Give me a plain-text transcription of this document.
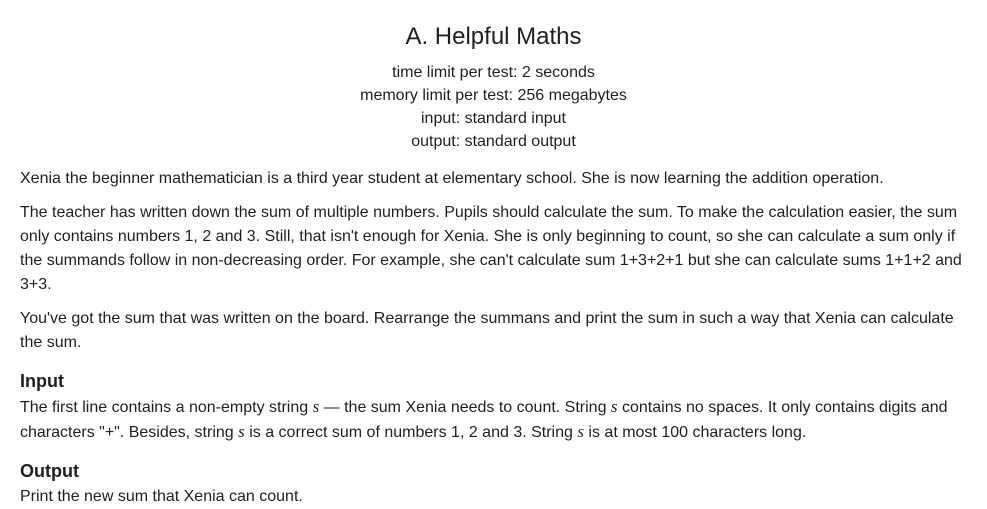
A. Helpful Maths
time limit per test: 2 seconds
memory limit per test: 256 megabytes
input: standard input
output: standard output

Xenia the beginner mathematician is a third year student at elementary school. She is now learning the addition operation.

The teacher has written down the sum of multiple numbers. Pupils should calculate the sum. To make the calculation easier, the sum only contains numbers 1, 2 and 3. Still, that isn't enough for Xenia. She is only beginning to count, so she can calculate a sum only if the summands follow in non-decreasing order. For example, she can't calculate sum 1+3+2+1 but she can calculate sums 1+1+2 and 3+3.

You've got the sum that was written on the board. Rearrange the summans and print the sum in such a way that Xenia can calculate the sum.

Input

The first line contains a non-empty string s — the sum Xenia needs to count. String s contains no spaces. It only contains digits and characters "+". Besides, string s is a correct sum of numbers 1, 2 and 3. String s is at most 100 characters long.

Output

Print the new sum that Xenia can count.
